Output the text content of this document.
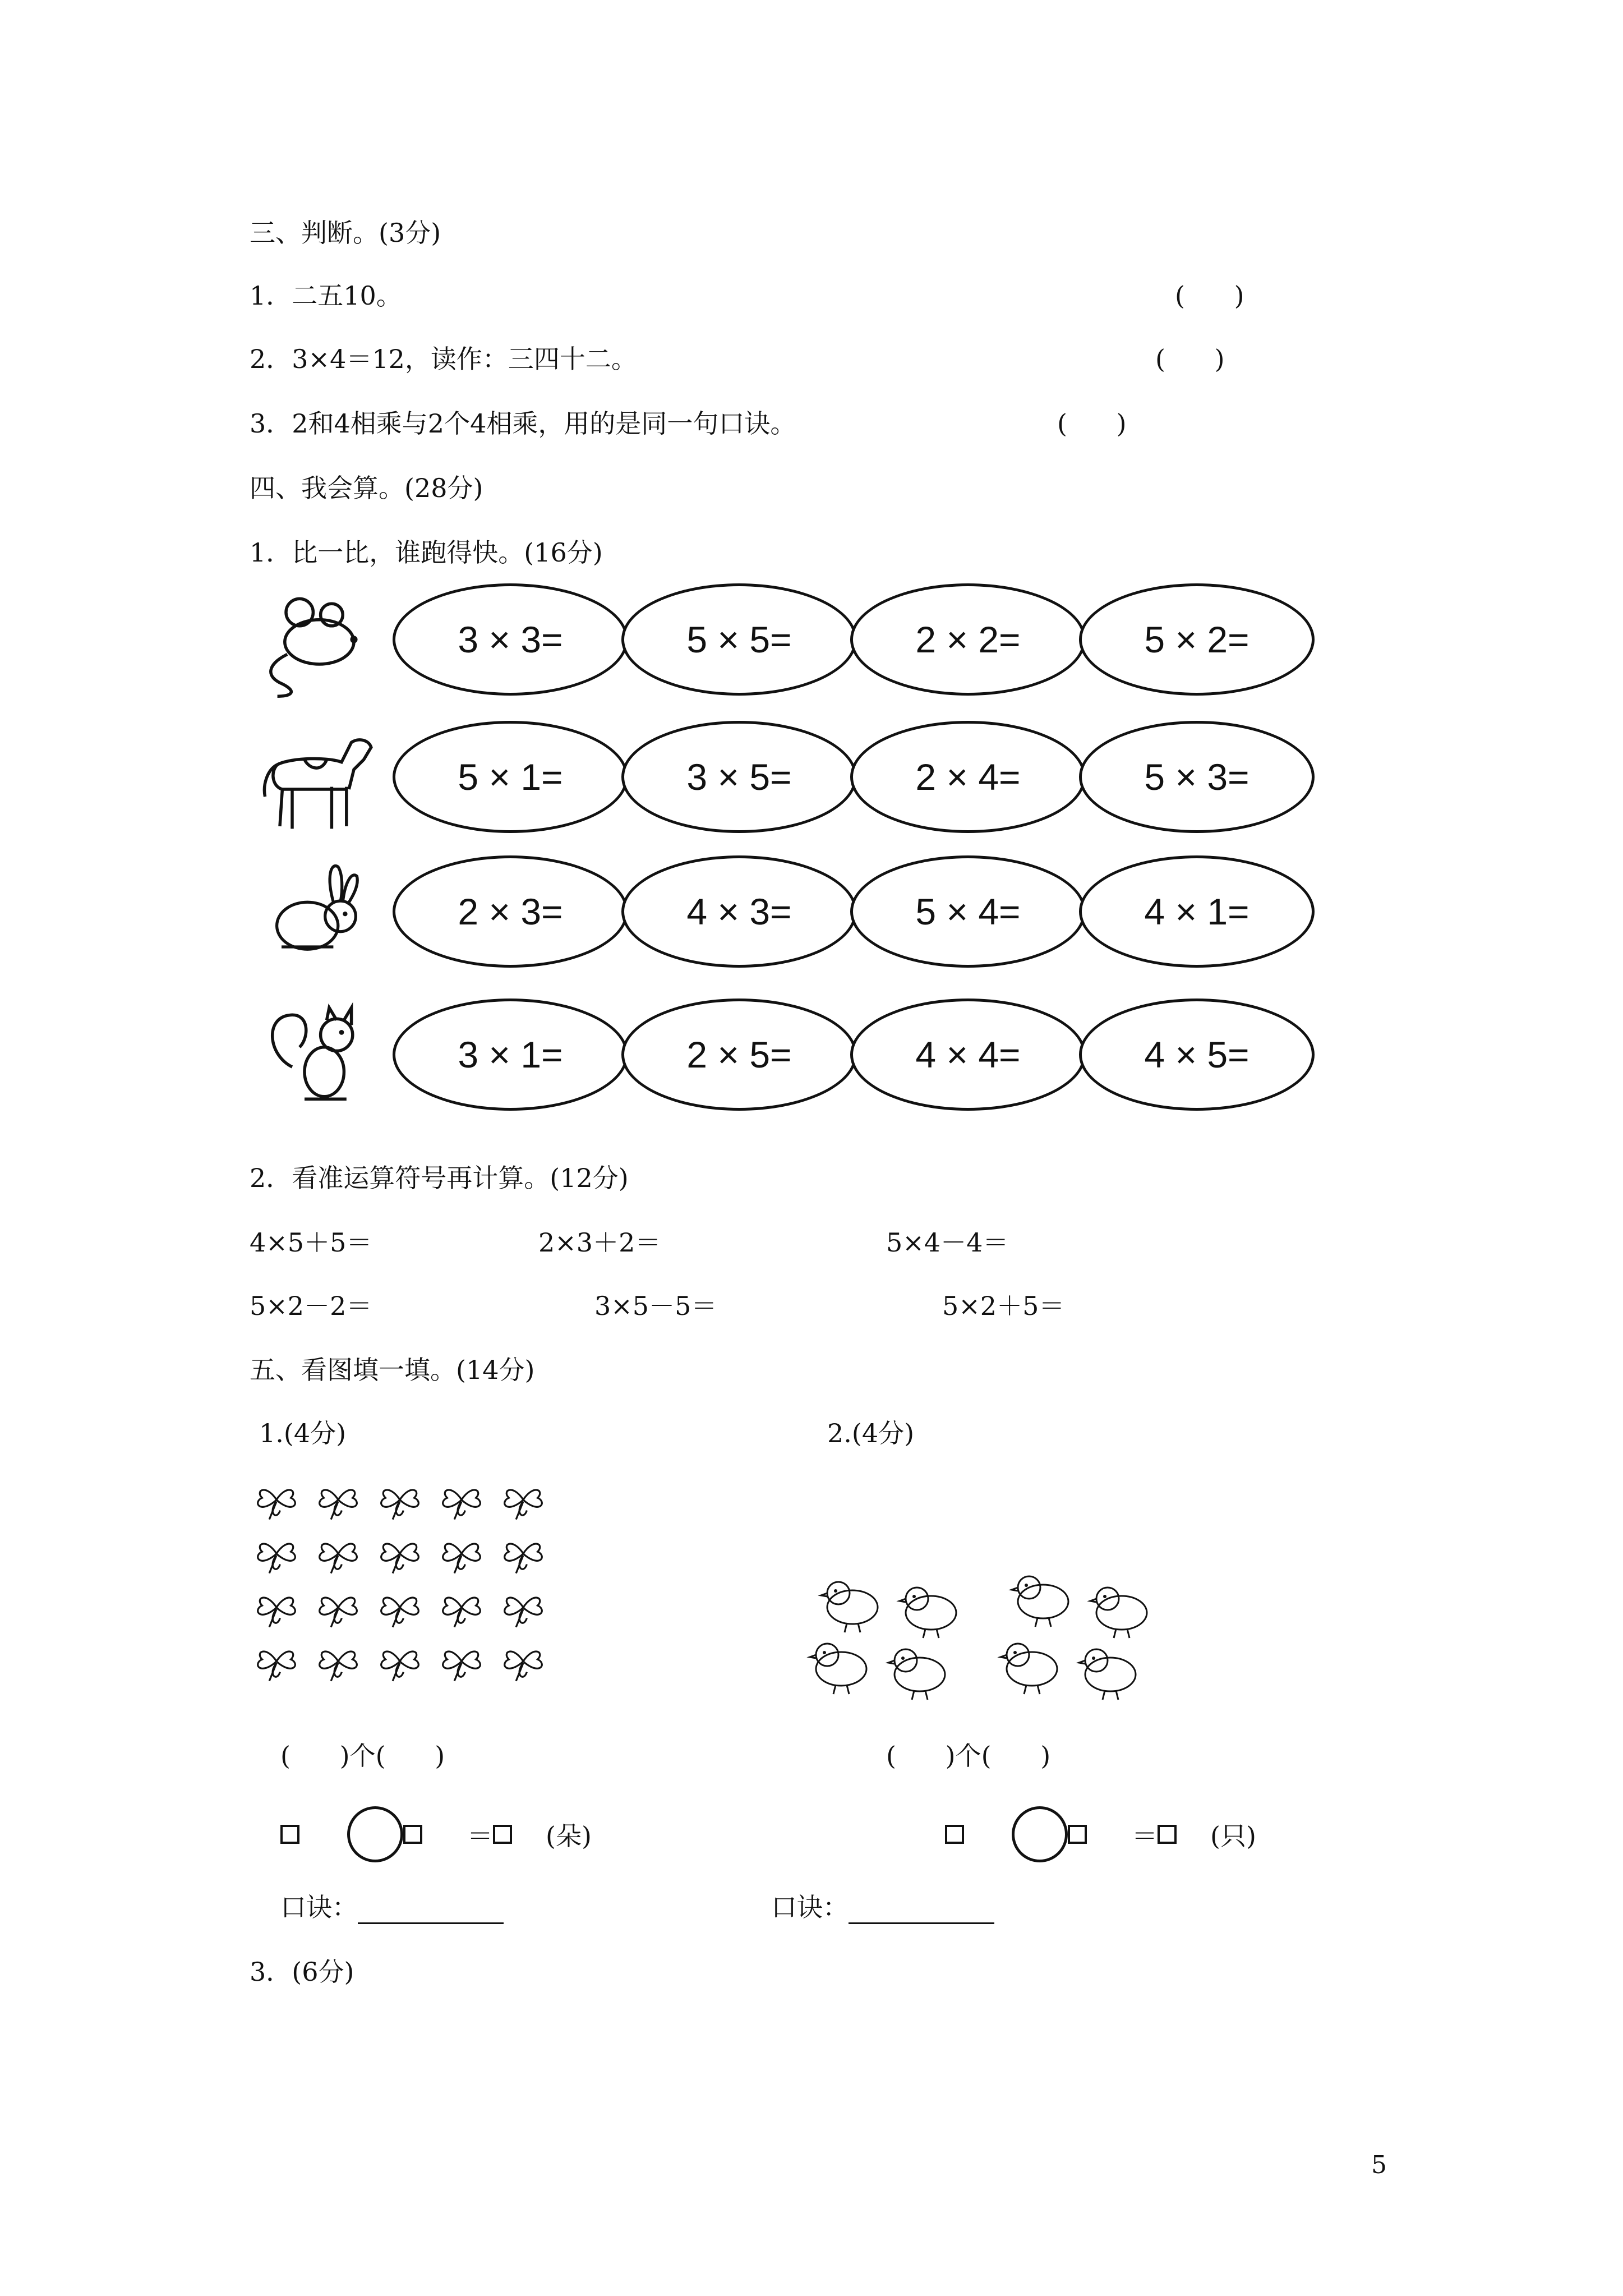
三、判断。(3分)
1．二五10。	(      )
2．3×4＝12，读作：三四十二。	(      )
3．2和4相乘与2个4相乘，用的是同一句口诀。	(      )
四、我会算。(28分)
1．比一比，谁跑得快。(16分)
3 × 3=	5 × 5=	2 × 2=	5 × 2=
5 × 1=	3 × 5=	2 × 4=	5 × 3=
2 × 3=	4 × 3=	5 × 4=	4 × 1=
3 × 1=	2 × 5=	4 × 4=	4 × 5=
2．看准运算符号再计算。(12分)
4×5＋5＝	2×3＋2＝	5×4－4＝
5×2－2＝	3×5－5＝	5×2＋5＝
五、看图填一填。(14分)
1.(4分)	2.(4分)
(      )个(      )	(      )个(      )
＝ (朵)	＝ (只)
口诀：	口诀：
3．(6分)
5
